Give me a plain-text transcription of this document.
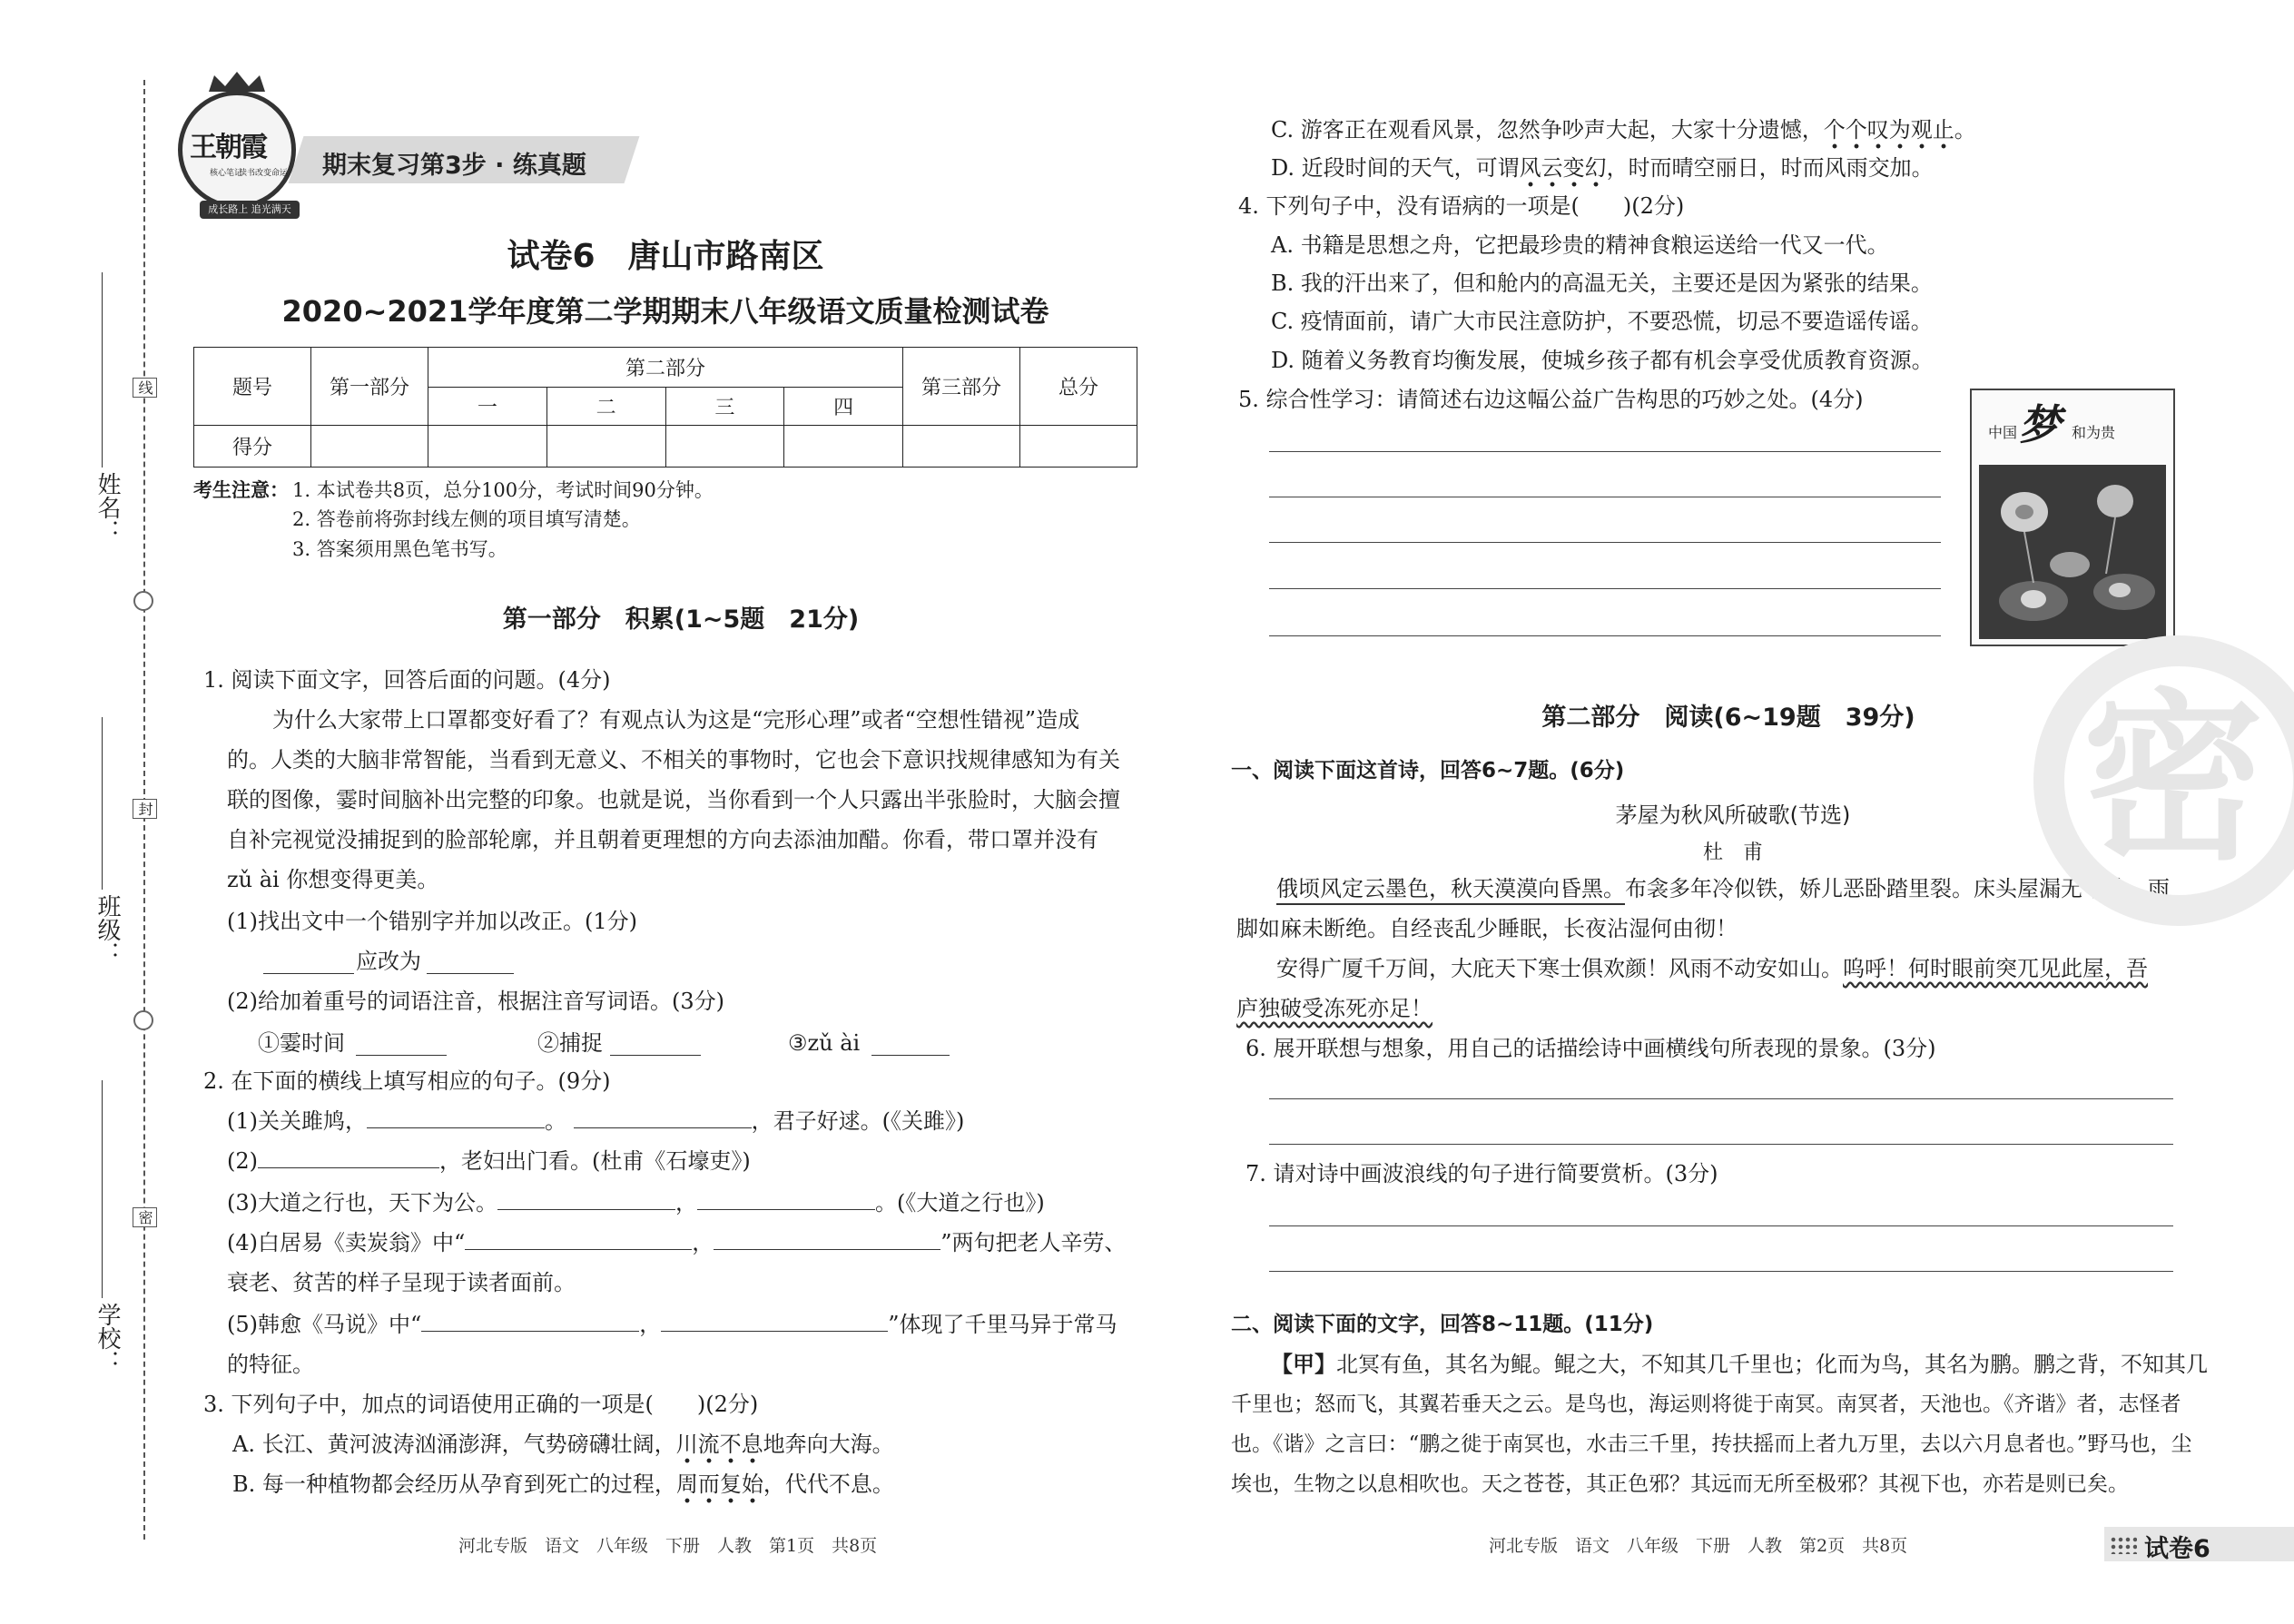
姓名：
班级：
学校：
线
封
密
王朝霞
核心笔记
读书改变命运
成长路上 追光满天
期末复习第3步 · 练真题
试卷6　唐山市路南区
2020~2021学年度第二学期期末八年级语文质量检测试卷
题号	第一部分	第二部分				第三部分	总分
		一	二	三	四		
得分							
考生注意： 1. 本试卷共8页，总分100分，考试时间90分钟。
2. 答卷前将弥封线左侧的项目填写清楚。
3. 答案须用黑色笔书写。
第一部分　积累(1~5题　21分)
1. 阅读下面文字，回答后面的问题。(4分)
为什么大家带上口罩都变好看了？有观点认为这是“完形心理”或者“空想性错视”造成
的。人类的大脑非常智能，当看到无意义、不相关的事物时，它也会下意识找规律感知为有关
联的图像，霎时间脑补出完整的印象。也就是说，当你看到一个人只露出半张脸时，大脑会擅
自补完视觉没捕捉到的脸部轮廓，并且朝着更理想的方向去添油加醋。你看，带口罩并没有
zǔ ài 你想变得更美。
(1)找出文中一个错别字并加以改正。(1分)
应改为
(2)给加着重号的词语注音，根据注音写词语。(3分)
①霎时间	②捕捉	③zǔ ài
2. 在下面的横线上填写相应的句子。(9分)
(1)关关雎鸠，	。	，君子好逑。(《关雎》)
(2)	，老妇出门看。(杜甫《石壕吏》)
(3)大道之行也，天下为公。	，	。(《大道之行也》)
(4)白居易《卖炭翁》中“	，	”两句把老人辛劳、
衰老、贫苦的样子呈现于读者面前。
(5)韩愈《马说》中“	，	”体现了千里马异于常马
的特征。
3. 下列句子中，加点的词语使用正确的一项是(　　)(2分)
A. 长江、黄河波涛汹涌澎湃，气势磅礴壮阔，川流不息地奔向大海。
B. 每一种植物都会经历从孕育到死亡的过程，周而复始，代代不息。
河北专版　语文　八年级　下册　人教　第1页　共8页
C. 游客正在观看风景，忽然争吵声大起，大家十分遗憾，个个叹为观止。
D. 近段时间的天气，可谓风云变幻，时而晴空丽日，时而风雨交加。
4. 下列句子中，没有语病的一项是(　　)(2分)
A. 书籍是思想之舟，它把最珍贵的精神食粮运送给一代又一代。
B. 我的汗出来了，但和舱内的高温无关，主要还是因为紧张的结果。
C. 疫情面前，请广大市民注意防护，不要恐慌，切忌不要造谣传谣。
D. 随着义务教育均衡发展，使城乡孩子都有机会享受优质教育资源。
5. 综合性学习：请简述右边这幅公益广告构思的巧妙之处。(4分)
中国 梦 和为贵
第二部分　阅读(6~19题　39分)
一、阅读下面这首诗，回答6~7题。(6分)
茅屋为秋风所破歌(节选)
杜　甫
俄顷风定云墨色，秋天漠漠向昏黑。布衾多年冷似铁，娇儿恶卧踏里裂。床头屋漏无干处，雨
脚如麻未断绝。自经丧乱少睡眠，长夜沾湿何由彻！
安得广厦千万间，大庇天下寒士俱欢颜！风雨不动安如山。呜呼！何时眼前突兀见此屋，吾
庐独破受冻死亦足！
6. 展开联想与想象，用自己的话描绘诗中画横线句所表现的景象。(3分)
7. 请对诗中画波浪线的句子进行简要赏析。(3分)
二、阅读下面的文字，回答8~11题。(11分)
【甲】北冥有鱼，其名为鲲。鲲之大，不知其几千里也；化而为鸟，其名为鹏。鹏之背，不知其几
千里也；怒而飞，其翼若垂天之云。是鸟也，海运则将徙于南冥。南冥者，天池也。《齐谐》者，志怪者
也。《谐》之言曰：“鹏之徙于南冥也，水击三千里，抟扶摇而上者九万里，去以六月息者也。”野马也，尘
埃也，生物之以息相吹也。天之苍苍，其正色邪？其远而无所至极邪？其视下也，亦若是则已矣。
密
河北专版　语文　八年级　下册　人教　第2页　共8页	试卷6
